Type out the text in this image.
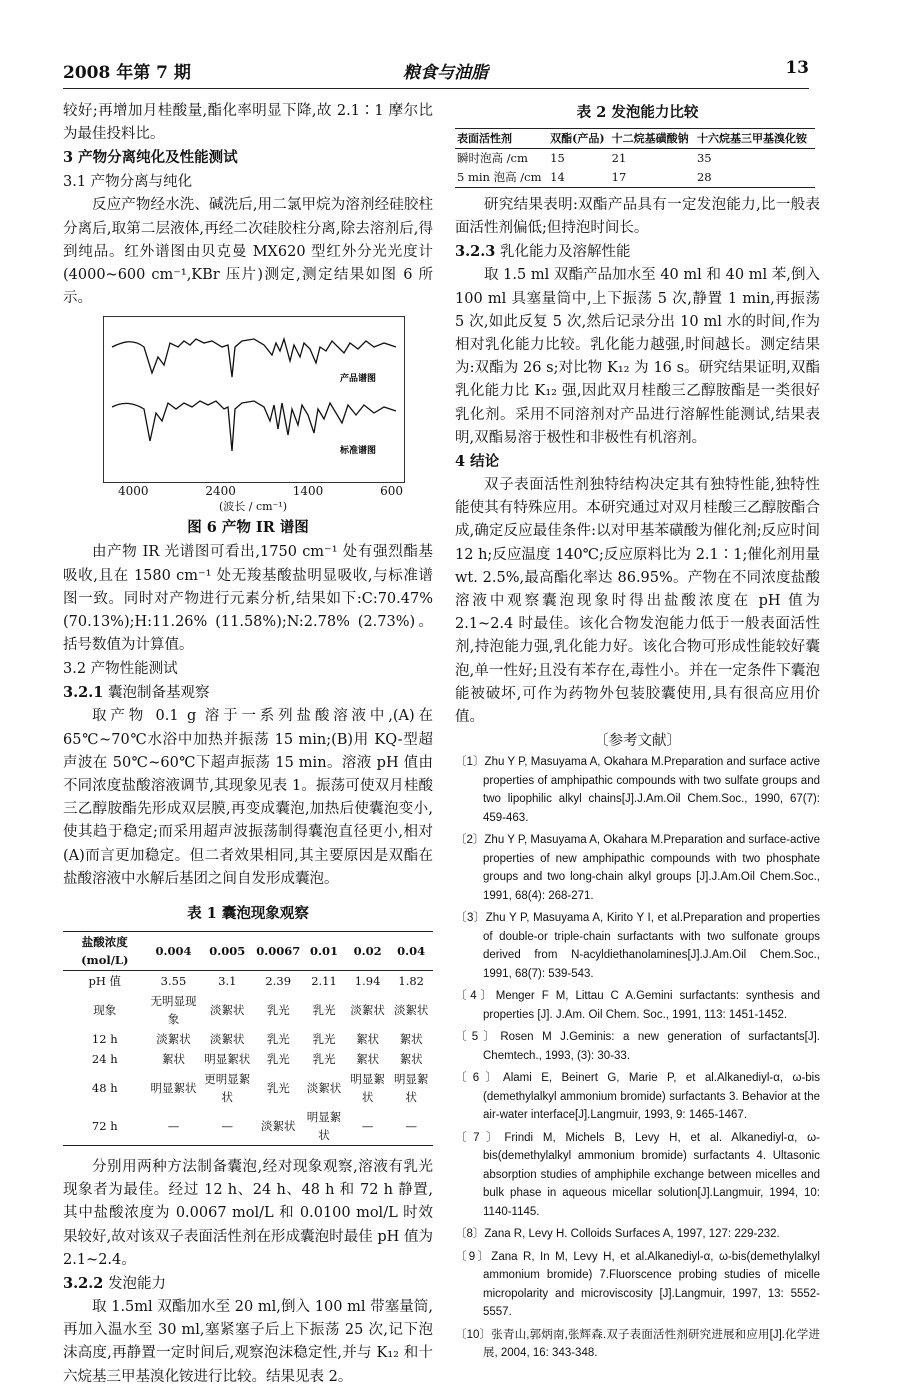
2008 年第 7 期	粮食与油脂	13

较好;再增加月桂酸量,酯化率明显下降,故 2.1∶1 摩尔比为最佳投料比。

3 产物分离纯化及性能测试
3.1 产物分离与纯化

反应产物经水洗、碱洗后,用二氯甲烷为溶剂经硅胶柱分离后,取第二层液体,再经二次硅胶柱分离,除去溶剂后,得到纯品。红外谱图由贝克曼 MX620 型红外分光光度计(4000~600 cm⁻¹,KBr 压片)测定,测定结果如图 6 所示。

产品谱图
标准谱图
4000	2400	1400	600
(波长 / cm⁻¹)
图 6 产物 IR 谱图

由产物 IR 光谱图可看出,1750 cm⁻¹ 处有强烈酯基吸收,且在 1580 cm⁻¹ 处无羧基酸盐明显吸收,与标准谱图一致。同时对产物进行元素分析,结果如下:C:70.47% (70.13%);H:11.26% (11.58%);N:2.78% (2.73%)。括号数值为计算值。

3.2 产物性能测试
3.2.1 囊泡制备基观察

取产物 0.1 g 溶于一系列盐酸溶液中,(A)在 65℃~70℃水浴中加热并振荡 15 min;(B)用 KQ-型超声波在 50℃~60℃下超声振荡 15 min。溶液 pH 值由不同浓度盐酸溶液调节,其现象见表 1。振荡可使双月桂酸三乙醇胺酯先形成双层膜,再变成囊泡,加热后使囊泡变小,使其趋于稳定;而采用超声波振荡制得囊泡直径更小,相对(A)而言更加稳定。但二者效果相同,其主要原因是双酯在盐酸溶液中水解后基团之间自发形成囊泡。

表 1 囊泡现象观察
盐酸浓度 (mol/L)	0.004	0.005	0.0067	0.01	0.02	0.04
pH 值	3.55	3.1	2.39	2.11	1.94	1.82
现象	无明显现象	淡絮状	乳光	乳光	淡絮状	淡絮状
12 h	淡絮状	淡絮状	乳光	乳光	絮状	絮状
24 h	絮状	明显絮状	乳光	乳光	絮状	絮状
48 h	明显絮状	更明显絮状	乳光	淡絮状	明显絮状	明显絮状
72 h	—	—	淡絮状	明显絮状	—	—

分别用两种方法制备囊泡,经对现象观察,溶液有乳光现象者为最佳。经过 12 h、24 h、48 h 和 72 h 静置,其中盐酸浓度为 0.0067 mol/L 和 0.0100 mol/L 时效果较好,故对该双子表面活性剂在形成囊泡时最佳 pH 值为 2.1~2.4。

3.2.2 发泡能力

取 1.5ml 双酯加水至 20 ml,倒入 100 ml 带塞量筒,再加入温水至 30 ml,塞紧塞子后上下振荡 25 次,记下泡沫高度,再静置一定时间后,观察泡沫稳定性,并与 K₁₂ 和十六烷基三甲基溴化铵进行比较。结果见表 2。

表 2 发泡能力比较
表面活性剂	双酯(产品)	十二烷基磺酸钠	十六烷基三甲基溴化铵
瞬时泡高 /cm	15	21	35
5 min 泡高 /cm	14	17	28

研究结果表明:双酯产品具有一定发泡能力,比一般表面活性剂偏低;但持泡时间长。

3.2.3 乳化能力及溶解性能

取 1.5 ml 双酯产品加水至 40 ml 和 40 ml 苯,倒入 100 ml 具塞量筒中,上下振荡 5 次,静置 1 min,再振荡 5 次,如此反复 5 次,然后记录分出 10 ml 水的时间,作为相对乳化能力比较。乳化能力越强,时间越长。测定结果为:双酯为 26 s;对比物 K₁₂ 为 16 s。研究结果证明,双酯乳化能力比 K₁₂ 强,因此双月桂酸三乙醇胺酯是一类很好乳化剂。采用不同溶剂对产品进行溶解性能测试,结果表明,双酯易溶于极性和非极性有机溶剂。

4 结论

双子表面活性剂独特结构决定其有独特性能,独特性能使其有特殊应用。本研究通过对双月桂酸三乙醇胺酯合成,确定反应最佳条件:以对甲基苯磺酸为催化剂;反应时间 12 h;反应温度 140℃;反应原料比为 2.1∶1;催化剂用量 wt. 2.5%,最高酯化率达 86.95%。产物在不同浓度盐酸溶液中观察囊泡现象时得出盐酸浓度在 pH 值为 2.1~2.4 时最佳。该化合物发泡能力低于一般表面活性剂,持泡能力强,乳化能力好。该化合物可形成性能较好囊泡,单一性好;且没有苯存在,毒性小。并在一定条件下囊泡能被破坏,可作为药物外包装胶囊使用,具有很高应用价值。

〔参考文献〕

〔1〕Zhu Y P, Masuyama A, Okahara M.Preparation and surface active properties of amphipathic compounds with two sulfate groups and two lipophilic alkyl chains[J].J.Am.Oil Chem.Soc., 1990, 67(7): 459-463.

〔2〕Zhu Y P, Masuyama A, Okahara M.Preparation and surface-active properties of new amphipathic compounds with two phosphate groups and two long-chain alkyl groups [J].J.Am.Oil Chem.Soc., 1991, 68(4): 268-271.

〔3〕Zhu Y P, Masuyama A, Kirito Y I, et al.Preparation and properties of double-or triple-chain surfactants with two sulfonate groups derived from N-acyldiethanolamines[J].J.Am.Oil Chem.Soc., 1991, 68(7): 539-543.

〔4〕Menger F M, Littau C A.Gemini surfactants: synthesis and properties [J]. J.Am. Oil Chem. Soc., 1991, 113: 1451-1452.

〔5〕Rosen M J.Geminis: a new generation of surfactants[J]. Chemtech., 1993, (3): 30-33.

〔6〕Alami E, Beinert G, Marie P, et al.Alkanediyl-α, ω-bis (demethylalkyl ammonium bromide) surfactants 3. Behavior at the air-water interface[J].Langmuir, 1993, 9: 1465-1467.

〔7〕Frindi M, Michels B, Levy H, et al. Alkanediyl-α, ω-bis(demethylalkyl ammonium bromide) surfactants 4. Ultasonic absorption studies of amphiphile exchange between micelles and bulk phase in aqueous micellar solution[J].Langmuir, 1994, 10: 1140-1145.

〔8〕Zana R, Levy H. Colloids Surfaces A, 1997, 127: 229-232.

〔9〕Zana R, In M, Levy H, et al.Alkanediyl-α, ω-bis(demethylalkyl ammonium bromide) 7.Fluorscence probing studies of micelle micropolarity and microviscosity [J].Langmuir, 1997, 13: 5552-5557.

〔10〕张青山,郭炳南,张辉森.双子表面活性剂研究进展和应用[J].化学进展, 2004, 16: 343-348.
